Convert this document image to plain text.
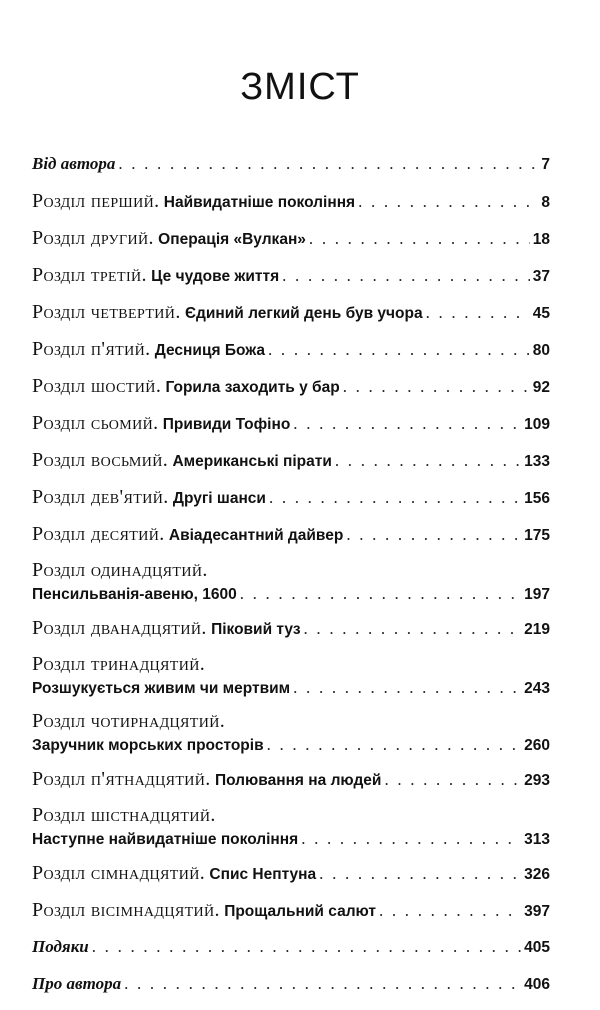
ЗМІСТ
Від автора . . .	7
Розділ перший. Найвидатніше покоління . . .	8
Розділ другий. Операція «Вулкан» . . .	18
Розділ третій. Це чудове життя . . .	37
Розділ четвертий. Єдиний легкий день був учора . . .	45
Розділ п'ятий. Десниця Божа . . .	80
Розділ шостий. Горила заходить у бар . . .	92
Розділ сьомий. Привиди Тофіно . . .	109
Розділ восьмий. Американські пірати . . .	133
Розділ дев'ятий. Другі шанси . . .	156
Розділ десятий. Авіадесантний дайвер . . .	175
Розділ одинадцятий.
Пенсильванія-авеню, 1600 . . .	197
Розділ дванадцятий. Піковий туз . . .	219
Розділ тринадцятий.
Розшукується живим чи мертвим . . .	243
Розділ чотирнадцятий.
Заручник морських просторів . . .	260
Розділ п'ятнадцятий. Полювання на людей . . .	293
Розділ шістнадцятий.
Наступне найвидатніше покоління . . .	313
Розділ сімнадцятий. Спис Нептуна . . .	326
Розділ вісімнадцятий. Прощальний салют . . .	397
Подяки . . .	405
Про автора . . .	406
